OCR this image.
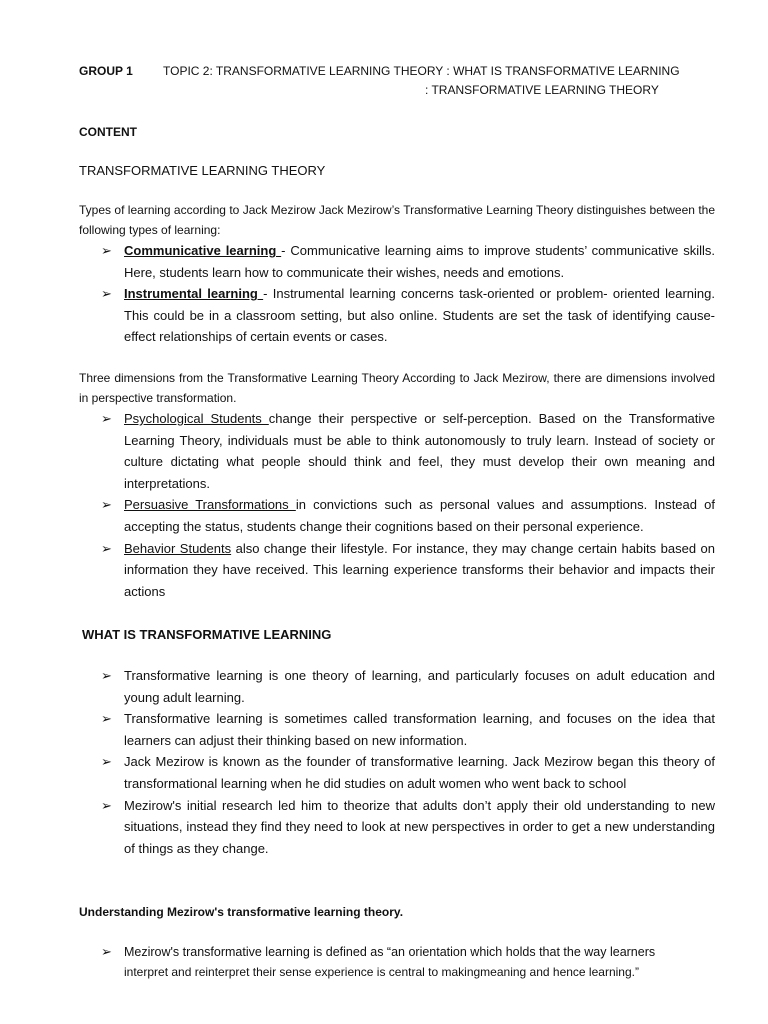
GROUP 1	TOPIC 2: TRANSFORMATIVE LEARNING THEORY : WHAT IS TRANSFORMATIVE LEARNING
: TRANSFORMATIVE LEARNING THEORY
CONTENT
TRANSFORMATIVE LEARNING THEORY
Types of learning according to Jack Mezirow Jack Mezirow’s Transformative Learning Theory distinguishes between the following types of learning:
➢ Communicative learning - Communicative learning aims to improve students’ communicative skills. Here, students learn how to communicate their wishes, needs and emotions.
➢ Instrumental learning - Instrumental learning concerns task-oriented or problem- oriented learning. This could be in a classroom setting, but also online. Students are set the task of identifying cause-effect relationships of certain events or cases.
Three dimensions from the Transformative Learning Theory According to Jack Mezirow, there are dimensions involved in perspective transformation.
➢ Psychological Students change their perspective or self-perception. Based on the Transformative Learning Theory, individuals must be able to think autonomously to truly learn. Instead of society or culture dictating what people should think and feel, they must develop their own meaning and interpretations.
➢ Persuasive Transformations in convictions such as personal values and assumptions. Instead of accepting the status, students change their cognitions based on their personal experience.
➢ Behavior Students also change their lifestyle. For instance, they may change certain habits based on information they have received. This learning experience transforms their behavior and impacts their actions
WHAT IS TRANSFORMATIVE LEARNING
➢ Transformative learning is one theory of learning, and particularly focuses on adult education and young adult learning.
➢ Transformative learning is sometimes called transformation learning, and focuses on the idea that learners can adjust their thinking based on new information.
➢ Jack Mezirow is known as the founder of transformative learning. Jack Mezirow began this theory of transformational learning when he did studies on adult women who went back to school
➢ Mezirow's initial research led him to theorize that adults don’t apply their old understanding to new situations, instead they find they need to look at new perspectives in order to get a new understanding of things as they change.
Understanding Mezirow's transformative learning theory.
➢ Mezirow's transformative learning is defined as “an orientation which holds that the way learners
interpret and reinterpret their sense experience is central to makingmeaning and hence learning.”
